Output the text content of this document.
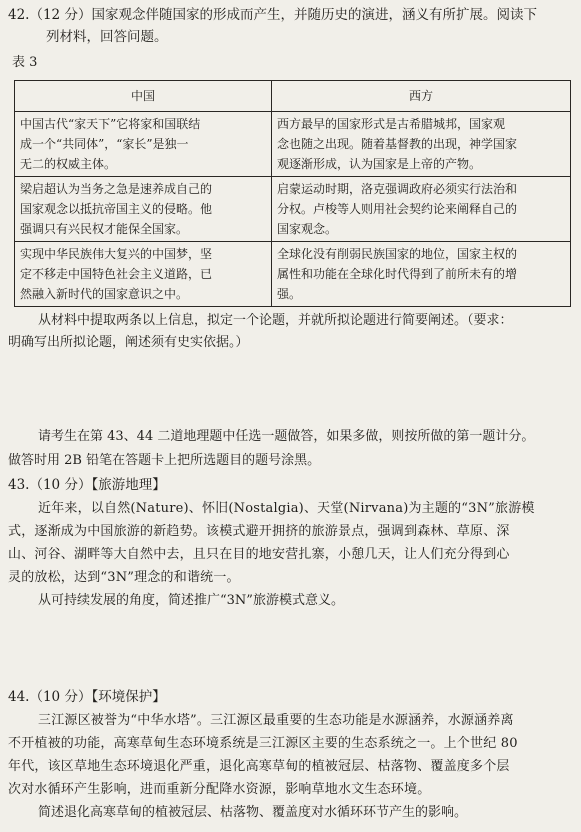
42.（12 分）国家观念伴随国家的形成而产生，并随历史的演进，涵义有所扩展。阅读下
列材料，回答问题。
表 3
中国	西方

中国古代“家天下”它将家和国联结
成一个“共同体”，“家长”是独一
无二的权威主体。	西方最早的国家形式是古希腊城邦，国家观
念也随之出现。随着基督教的出现，神学国家
观逐渐形成，认为国家是上帝的产物。

梁启超认为当务之急是速养成自己的
国家观念以抵抗帝国主义的侵略。他
强调只有兴民权才能保全国家。	启蒙运动时期，洛克强调政府必须实行法治和
分权。卢梭等人则用社会契约论来阐释自己的
国家观念。

实现中华民族伟大复兴的中国梦，坚
定不移走中国特色社会主义道路，已
然融入新时代的国家意识之中。	全球化没有削弱民族国家的地位，国家主权的
属性和功能在全球化时代得到了前所未有的增
强。
从材料中提取两条以上信息，拟定一个论题，并就所拟论题进行简要阐述。（要求：
明确写出所拟论题，阐述须有史实依据。）
请考生在第 43、44 二道地理题中任选一题做答，如果多做，则按所做的第一题计分。
做答时用 2B 铅笔在答题卡上把所选题目的题号涂黑。
43.（10 分）【旅游地理】
近年来，以自然(Nature)、怀旧(Nostalgia)、天堂(Nirvana)为主题的“3N”旅游模
式，逐渐成为中国旅游的新趋势。该模式避开拥挤的旅游景点，强调到森林、草原、深
山、河谷、湖畔等大自然中去，且只在目的地安营扎寨，小憩几天，让人们充分得到心
灵的放松，达到“3N”理念的和谐统一。
从可持续发展的角度，简述推广“3N”旅游模式意义。
44.（10 分）【环境保护】
三江源区被誉为“中华水塔”。三江源区最重要的生态功能是水源涵养，水源涵养离
不开植被的功能，高寒草甸生态环境系统是三江源区主要的生态系统之一。上个世纪 80
年代，该区草地生态环境退化严重，退化高寒草甸的植被冠层、枯落物、覆盖度多个层
次对水循环产生影响，进而重新分配降水资源，影响草地水文生态环境。
简述退化高寒草甸的植被冠层、枯落物、覆盖度对水循环环节产生的影响。
